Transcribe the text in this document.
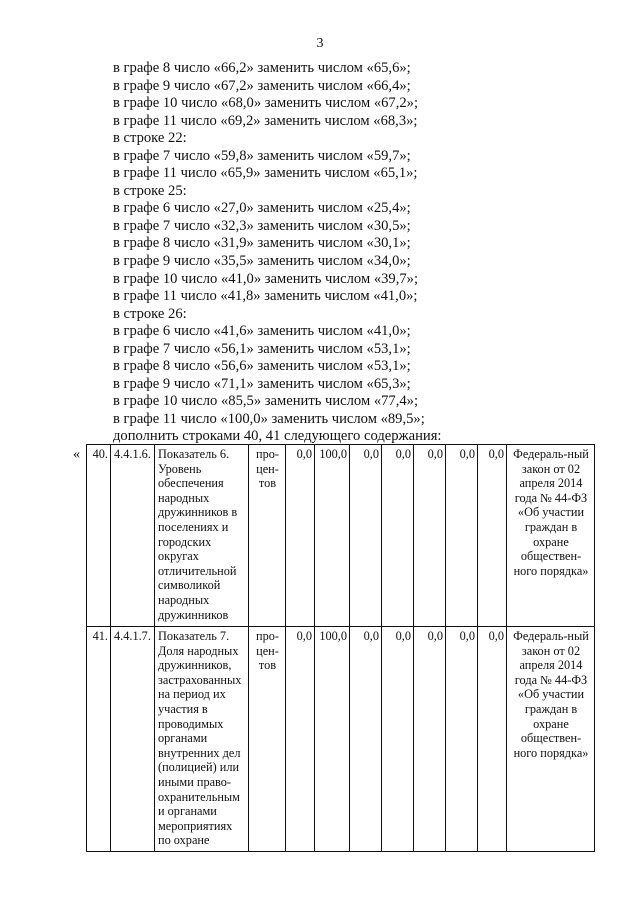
3
в графе 8 число «66,2» заменить числом «65,6»;
в графе 9 число «67,2» заменить числом «66,4»;
в графе 10 число «68,0» заменить числом «67,2»;
в графе 11 число «69,2» заменить числом «68,3»;
в строке 22:
в графе 7 число «59,8» заменить числом «59,7»;
в графе 11 число «65,9» заменить числом «65,1»;
в строке 25:
в графе 6 число «27,0» заменить числом «25,4»;
в графе 7 число «32,3» заменить числом «30,5»;
в графе 8 число «31,9» заменить числом «30,1»;
в графе 9 число «35,5» заменить числом «34,0»;
в графе 10 число «41,0» заменить числом «39,7»;
в графе 11 число «41,8» заменить числом «41,0»;
в строке 26:
в графе 6 число «41,6» заменить числом «41,0»;
в графе 7 число «56,1» заменить числом «53,1»;
в графе 8 число «56,6» заменить числом «53,1»;
в графе 9 число «71,1» заменить числом «65,3»;
в графе 10 число «85,5» заменить числом «77,4»;
в графе 11 число «100,0» заменить числом «89,5»;
дополнить строками 40, 41 следующего содержания:
« 40.	4.4.1.6.	Показатель 6. Уровень обеспечения народных дружинников в поселениях и городских округах отличительной символикой народных дружинников	про-цен-тов	0,0	100,0	0,0	0,0	0,0	0,0	0,0	Федераль-ный закон от 02 апреля 2014 года № 44-ФЗ «Об участии граждан в охране обществен-ного порядка»
41.	4.4.1.7.	Показатель 7. Доля народных дружинников, застрахованных на период их участия в проводимых органами внутренних дел (полицией) или иными право-охранительным и органами мероприятиях по охране	про-цен-тов	0,0	100,0	0,0	0,0	0,0	0,0	0,0	Федераль-ный закон от 02 апреля 2014 года № 44-ФЗ «Об участии граждан в охране обществен-ного порядка»
